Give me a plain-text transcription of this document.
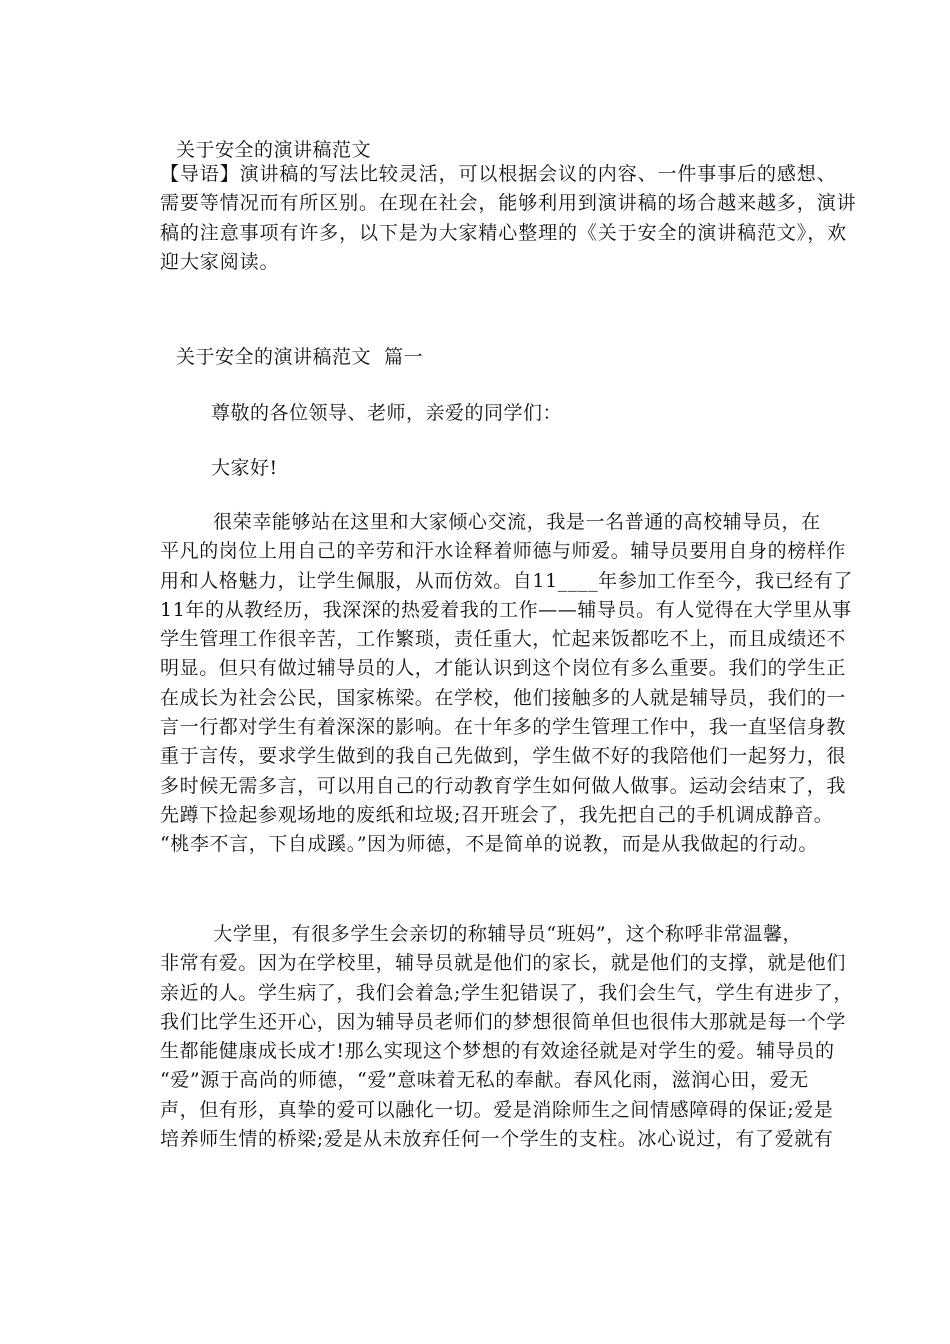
关于安全的演讲稿范文
【导语】演讲稿的写法比较灵活，可以根据会议的内容、一件事事后的感想、
需要等情况而有所区别。在现在社会，能够利用到演讲稿的场合越来越多，演讲
稿的注意事项有许多，以下是为大家精心整理的《关于安全的演讲稿范文》，欢
迎大家阅读。
关于安全的演讲稿范文  篇一
尊敬的各位领导、老师，亲爱的同学们：
大家好!
很荣幸能够站在这里和大家倾心交流，我是一名普通的高校辅导员，在
平凡的岗位上用自己的辛劳和汗水诠释着师德与师爱。辅导员要用自身的榜样作
用和人格魅力，让学生佩服，从而仿效。自11____年参加工作至今，我已经有了
11年的从教经历，我深深的热爱着我的工作——辅导员。有人觉得在大学里从事
学生管理工作很辛苦，工作繁琐，责任重大，忙起来饭都吃不上，而且成绩还不
明显。但只有做过辅导员的人，才能认识到这个岗位有多么重要。我们的学生正
在成长为社会公民，国家栋梁。在学校，他们接触多的人就是辅导员，我们的一
言一行都对学生有着深深的影响。在十年多的学生管理工作中，我一直坚信身教
重于言传，要求学生做到的我自己先做到，学生做不好的我陪他们一起努力，很
多时候无需多言，可以用自己的行动教育学生如何做人做事。运动会结束了，我
先蹲下捡起参观场地的废纸和垃圾;召开班会了，我先把自己的手机调成静音。
“桃李不言，下自成蹊。”因为师德，不是简单的说教，而是从我做起的行动。
大学里，有很多学生会亲切的称辅导员“班妈”，这个称呼非常温馨，
非常有爱。因为在学校里，辅导员就是他们的家长，就是他们的支撑，就是他们
亲近的人。学生病了，我们会着急;学生犯错误了，我们会生气，学生有进步了，
我们比学生还开心，因为辅导员老师们的梦想很简单但也很伟大那就是每一个学
生都能健康成长成才!那么实现这个梦想的有效途径就是对学生的爱。辅导员的
“爱”源于高尚的师德，“爱”意味着无私的奉献。春风化雨，滋润心田，爱无
声，但有形，真挚的爱可以融化一切。爱是消除师生之间情感障碍的保证;爱是
培养师生情的桥梁;爱是从未放弃任何一个学生的支柱。冰心说过，有了爱就有
